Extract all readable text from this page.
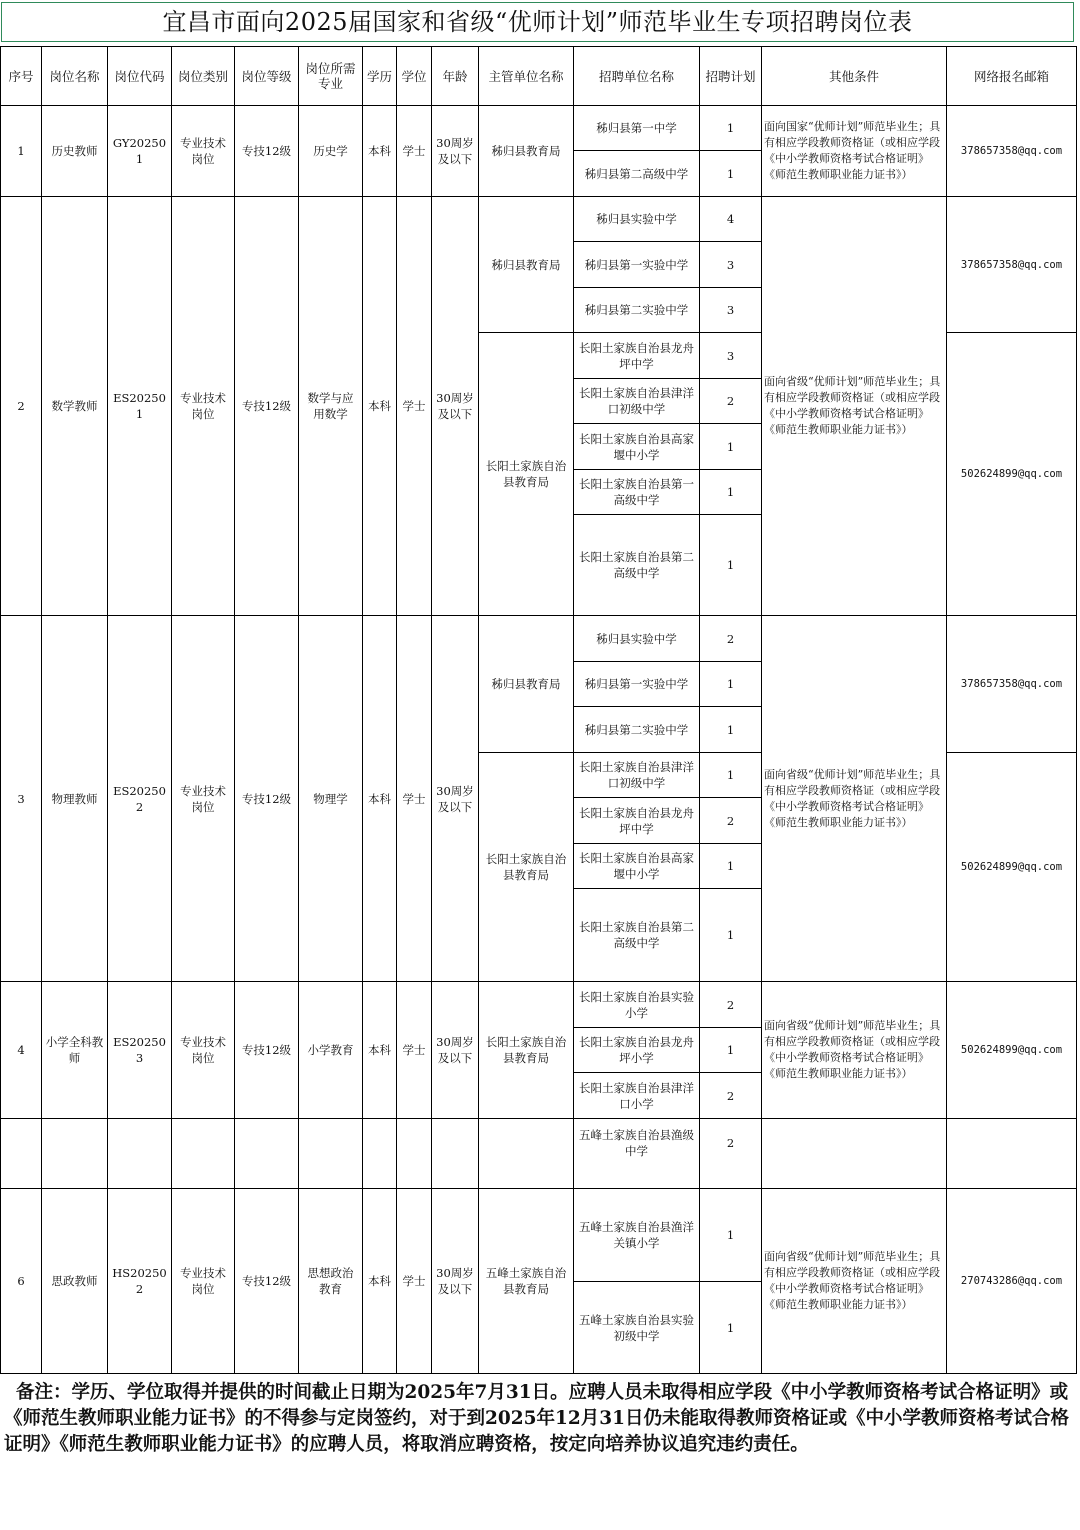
宜昌市面向2025届国家和省级“优师计划”师范毕业生专项招聘岗位表
序号	岗位名称	岗位代码	岗位类别	岗位等级	岗位所需专业	学历	学位	年龄	主管单位名称	招聘单位名称	招聘计划	其他条件	网络报名邮箱
1	历史教师	GY202501	专业技术岗位	专技12级	历史学	本科	学士	30周岁及以下	秭归县教育局	秭归县第一中学	1	面向国家“优师计划”师范毕业生；具有相应学段教师资格证（或相应学段《中小学教师资格考试合格证明》《师范生教师职业能力证书》）	378657358@qq.com
										秭归县第二高级中学	1		
2	数学教师	ES202501	专业技术岗位	专技12级	数学与应用数学	本科	学士	30周岁及以下	秭归县教育局	秭归县实验中学	4	面向省级“优师计划”师范毕业生；具有相应学段教师资格证（或相应学段《中小学教师资格考试合格证明》《师范生教师职业能力证书》）	378657358@qq.com
										秭归县第一实验中学	3		
										秭归县第二实验中学	3		
									长阳土家族自治县教育局	长阳土家族自治县龙舟坪中学	3		502624899@qq.com
										长阳土家族自治县津洋口初级中学	2		
										长阳土家族自治县高家堰中小学	1		
										长阳土家族自治县第一高级中学	1		
										长阳土家族自治县第二高级中学	1		
3	物理教师	ES202502	专业技术岗位	专技12级	物理学	本科	学士	30周岁及以下	秭归县教育局	秭归县实验中学	2	面向省级“优师计划”师范毕业生；具有相应学段教师资格证（或相应学段《中小学教师资格考试合格证明》《师范生教师职业能力证书》）	378657358@qq.com
										秭归县第一实验中学	1		
										秭归县第二实验中学	1		
									长阳土家族自治县教育局	长阳土家族自治县津洋口初级中学	1		502624899@qq.com
										长阳土家族自治县龙舟坪中学	2		
										长阳土家族自治县高家堰中小学	1		
										长阳土家族自治县第二高级中学	1		
4	小学全科教师	ES202503	专业技术岗位	专技12级	小学教育	本科	学士	30周岁及以下	长阳土家族自治县教育局	长阳土家族自治县实验小学	2	面向省级“优师计划”师范毕业生；具有相应学段教师资格证（或相应学段《中小学教师资格考试合格证明》《师范生教师职业能力证书》）	502624899@qq.com
										长阳土家族自治县龙舟坪小学	1		
										长阳土家族自治县津洋口小学	2		
										五峰土家族自治县渔级中学	2		
6	思政教师	HS202502	专业技术岗位	专技12级	思想政治教育	本科	学士	30周岁及以下	五峰土家族自治县教育局	五峰土家族自治县渔洋关镇小学	1	面向省级“优师计划”师范毕业生；具有相应学段教师资格证（或相应学段《中小学教师资格考试合格证明》《师范生教师职业能力证书》）	270743286@qq.com
										五峰土家族自治县实验初级中学	1		
备注：学历、学位取得并提供的时间截止日期为2025年7月31日。应聘人员未取得相应学段《中小学教师资格考试合格证明》或《师范生教师职业能力证书》的不得参与定岗签约，对于到2025年12月31日仍未能取得教师资格证或《中小学教师资格考试合格证明》《师范生教师职业能力证书》的应聘人员，将取消应聘资格，按定向培养协议追究违约责任。
